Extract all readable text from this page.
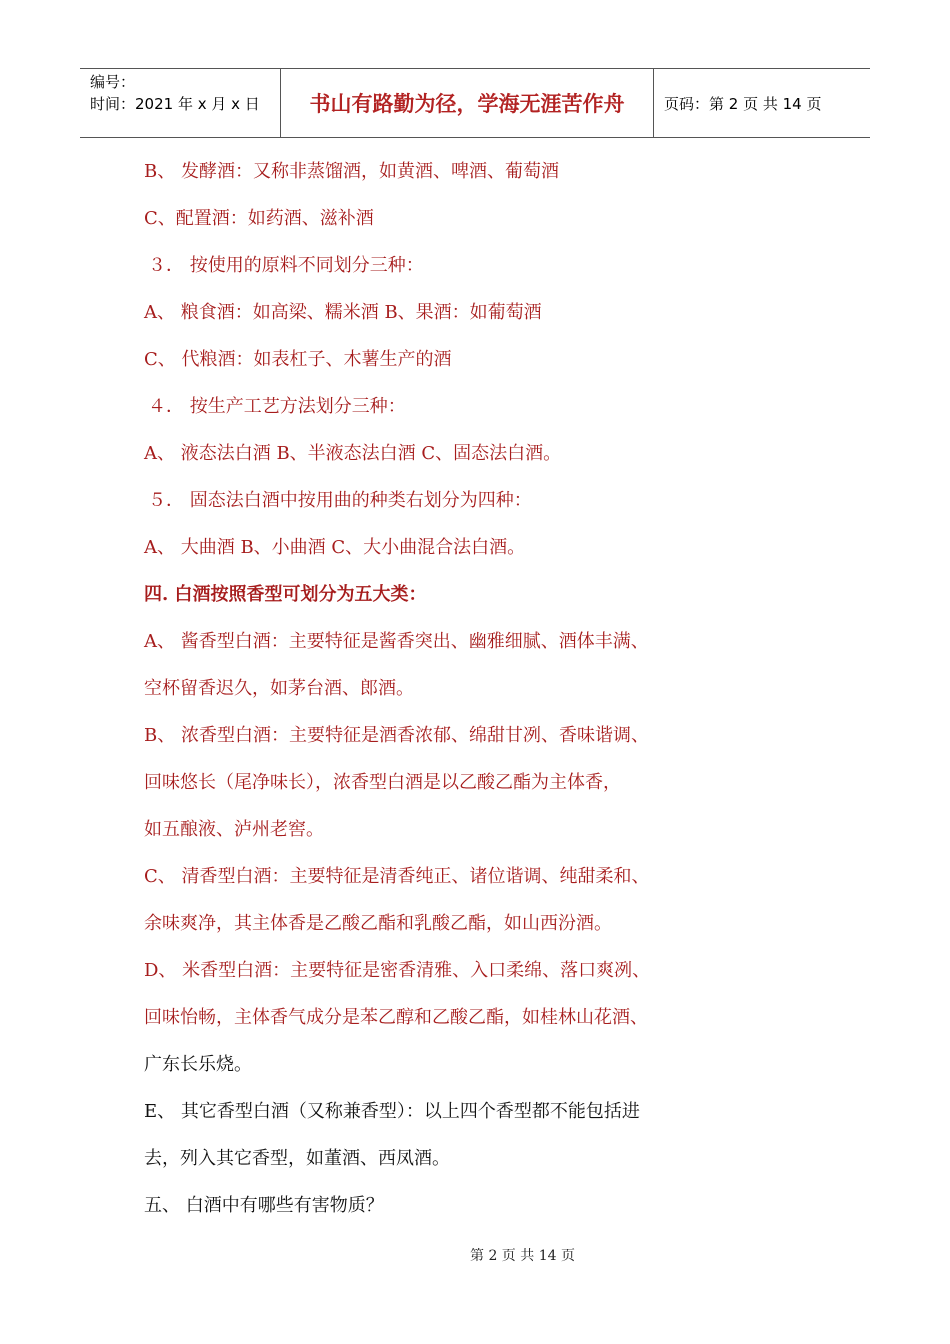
编号：
时间：2021 年 x 月 x 日	书山有路勤为径，学海无涯苦作舟	页码：第 2 页 共 14 页
B、 发酵酒：又称非蒸馏酒，如黄酒、啤酒、葡萄酒
C、配置酒：如药酒、滋补酒
３． 按使用的原料不同划分三种：
A、 粮食酒：如高梁、糯米酒 B、果酒：如葡萄酒
C、 代粮酒：如表杠子、木薯生产的酒
４． 按生产工艺方法划分三种：
A、 液态法白酒 B、半液态法白酒 C、固态法白酒。
５． 固态法白酒中按用曲的种类右划分为四种：
A、 大曲酒 B、小曲酒 C、大小曲混合法白酒。
四. 白酒按照香型可划分为五大类：
A、 酱香型白酒：主要特征是酱香突出、幽雅细腻、酒体丰满、
空杯留香迟久，如茅台酒、郎酒。
B、 浓香型白酒：主要特征是酒香浓郁、绵甜甘冽、香味谐调、
回味悠长（尾净味长），浓香型白酒是以乙酸乙酯为主体香，
如五酿液、泸州老窖。
C、 清香型白酒：主要特征是清香纯正、诸位谐调、纯甜柔和、
余味爽净，其主体香是乙酸乙酯和乳酸乙酯，如山西汾酒。
D、 米香型白酒：主要特征是密香清雅、入口柔绵、落口爽冽、
回味怡畅，主体香气成分是苯乙醇和乙酸乙酯，如桂林山花酒、
广东长乐烧。
E、 其它香型白酒（又称兼香型）：以上四个香型都不能包括进
去，列入其它香型，如董酒、西凤酒。
五、 白酒中有哪些有害物质？
第 2 页 共 14 页
